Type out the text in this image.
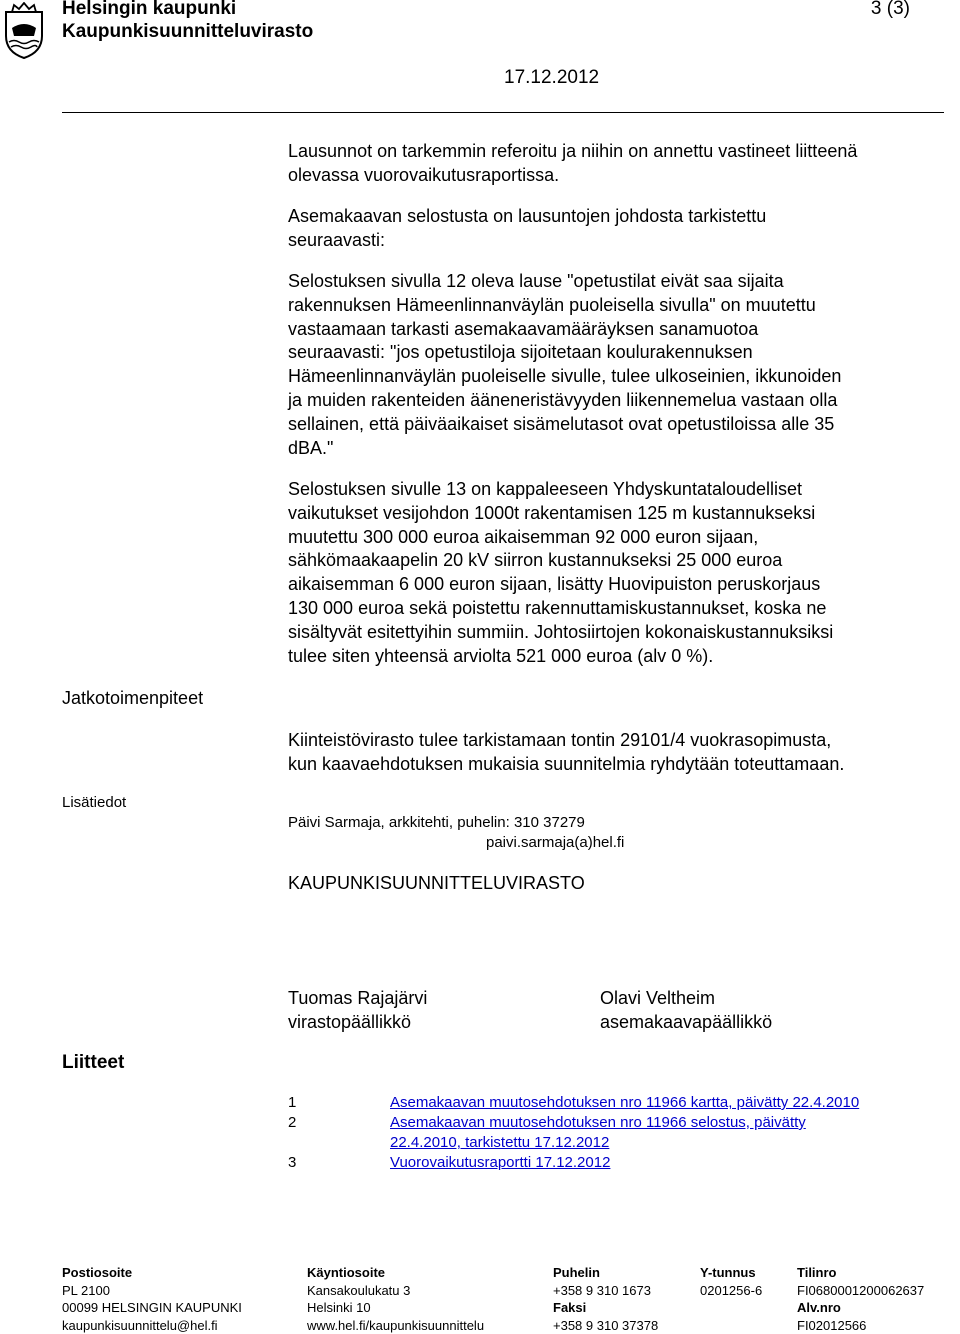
Helsingin kaupunki
Kaupunkisuunnitteluvirasto
3 (3)
17.12.2012
Lausunnot on tarkemmin referoitu ja niihin on annettu vastineet liitteenä
olevassa vuorovaikutusraportissa.
Asemakaavan selostusta on lausuntojen johdosta tarkistettu
seuraavasti:
Selostuksen sivulla 12 oleva lause "opetustilat eivät saa sijaita
rakennuksen Hämeenlinnanväylän puoleisella sivulla" on muutettu
vastaamaan tarkasti asemakaavamääräyksen sanamuotoa
seuraavasti: "jos opetustiloja sijoitetaan koulurakennuksen
Hämeenlinnanväylän puoleiselle sivulle, tulee ulkoseinien, ikkunoiden
ja muiden rakenteiden ääneneristävyyden liikennemelua vastaan olla
sellainen, että päiväaikaiset sisämelutasot ovat opetustiloissa alle 35
dBA."
Selostuksen sivulle 13 on kappaleeseen Yhdyskuntataloudelliset
vaikutukset vesijohdon 1000t rakentamisen 125 m kustannukseksi
muutettu 300 000 euroa aikaisemman 92 000 euron sijaan,
sähkömaakaapelin 20 kV siirron kustannukseksi 25 000 euroa
aikaisemman 6 000 euron sijaan, lisätty Huovipuiston peruskorjaus
130 000 euroa sekä poistettu rakennuttamiskustannukset, koska ne
sisältyvät esitettyihin summiin. Johtosiirtojen kokonaiskustannuksiksi
tulee siten yhteensä arviolta 521 000 euroa (alv 0 %).
Jatkotoimenpiteet
Kiinteistövirasto tulee tarkistamaan tontin 29101/4 vuokrasopimusta,
kun kaavaehdotuksen mukaisia suunnitelmia ryhdytään toteuttamaan.
Lisätiedot
Päivi Sarmaja, arkkitehti, puhelin: 310 37279
paivi.sarmaja(a)hel.fi
KAUPUNKISUUNNITTELUVIRASTO
Tuomas Rajajärvi
virastopäällikkö
Olavi Veltheim
asemakaavapäällikkö
Liitteet
1	Asemakaavan muutosehdotuksen nro 11966 kartta, päivätty 22.4.2010
2	Asemakaavan muutosehdotuksen nro 11966 selostus, päivätty
22.4.2010, tarkistettu 17.12.2012
3	Vuorovaikutusraportti 17.12.2012
Postiosoite
PL 2100
00099 HELSINGIN KAUPUNKI
kaupunkisuunnittelu@hel.fi
Käyntiosoite
Kansakoulukatu 3
Helsinki 10
www.hel.fi/kaupunkisuunnittelu
Puhelin
+358 9 310 1673
Faksi
+358 9 310 37378
Y-tunnus
0201256-6
Tilinro
FI0680001200062637
Alv.nro
FI02012566
